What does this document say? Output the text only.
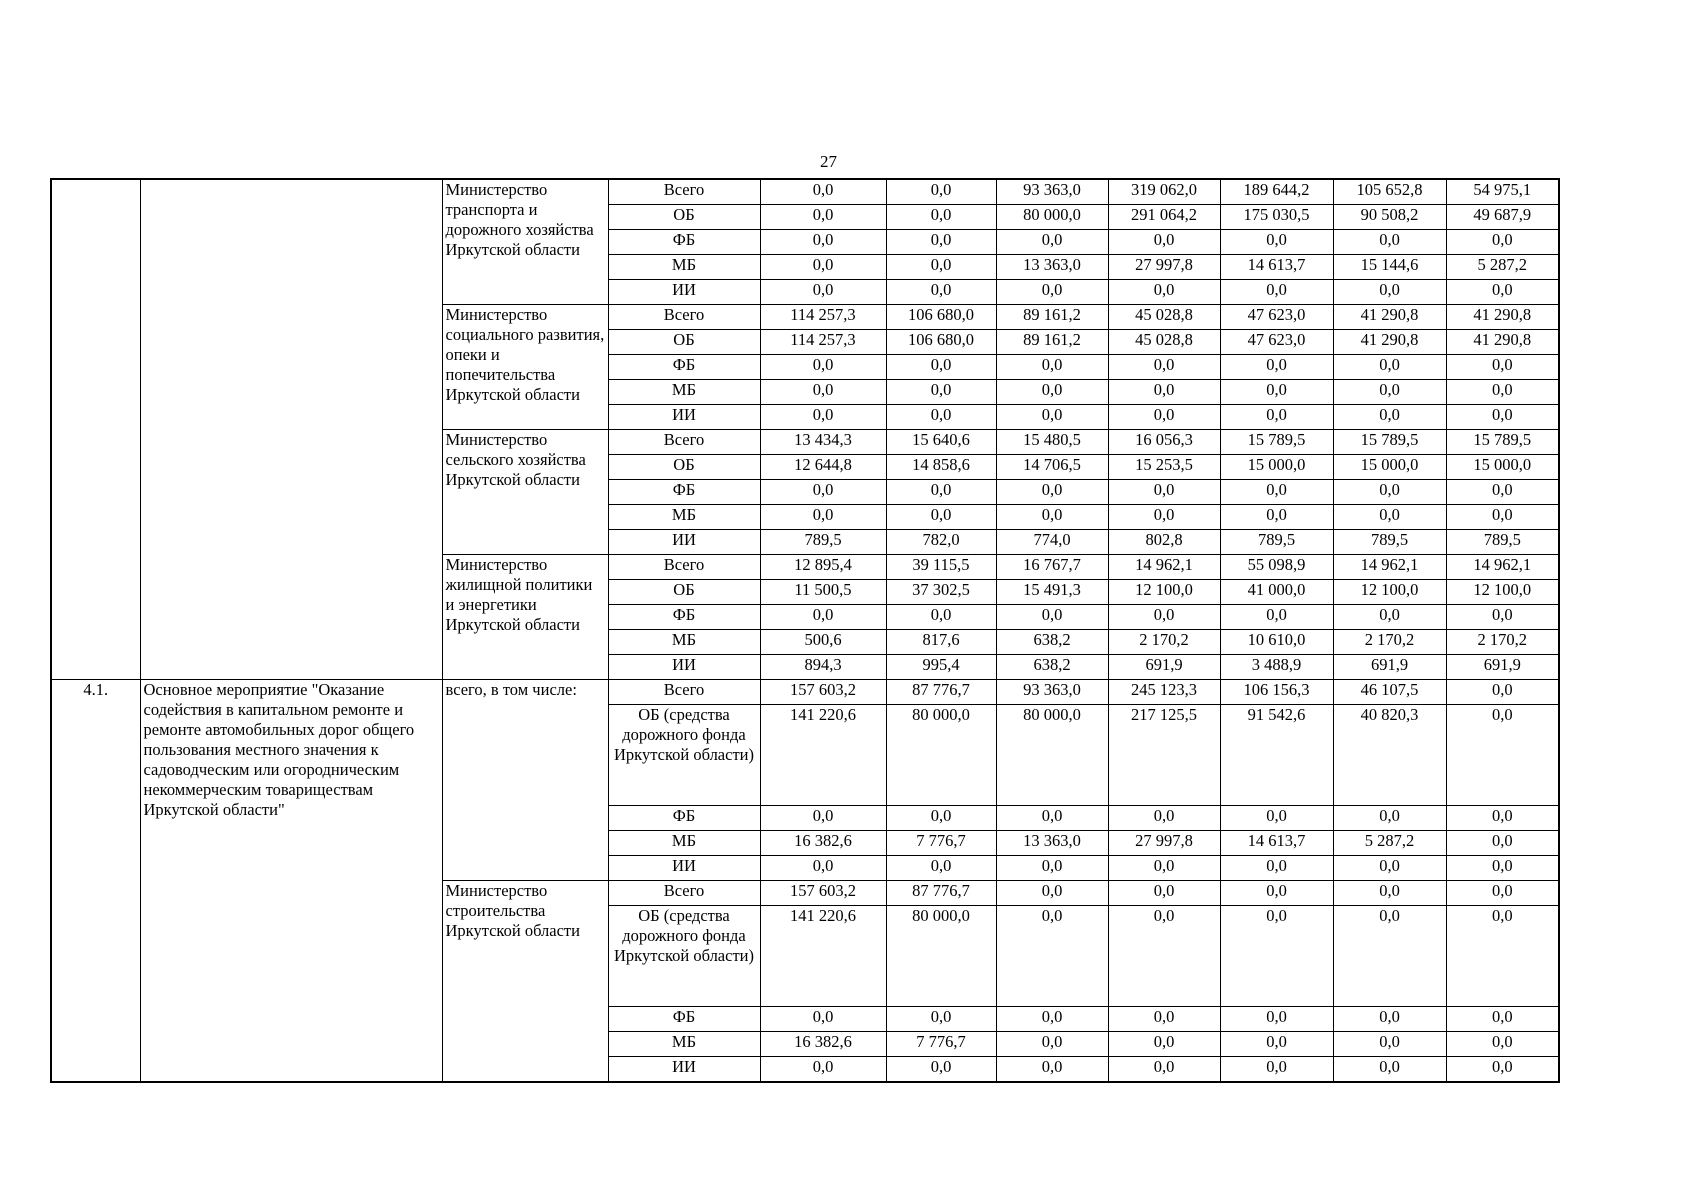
27
		Министерство транспорта и дорожного хозяйства Иркутской области	Всего	0,0	0,0	93 363,0	319 062,0	189 644,2	105 652,8	54 975,1
			ОБ	0,0	0,0	80 000,0	291 064,2	175 030,5	90 508,2	49 687,9
			ФБ	0,0	0,0	0,0	0,0	0,0	0,0	0,0
			МБ	0,0	0,0	13 363,0	27 997,8	14 613,7	15 144,6	5 287,2
			ИИ	0,0	0,0	0,0	0,0	0,0	0,0	0,0
		Министерство социального развития, опеки и попечительства Иркутской области	Всего	114 257,3	106 680,0	89 161,2	45 028,8	47 623,0	41 290,8	41 290,8
			ОБ	114 257,3	106 680,0	89 161,2	45 028,8	47 623,0	41 290,8	41 290,8
			ФБ	0,0	0,0	0,0	0,0	0,0	0,0	0,0
			МБ	0,0	0,0	0,0	0,0	0,0	0,0	0,0
			ИИ	0,0	0,0	0,0	0,0	0,0	0,0	0,0
		Министерство сельского хозяйства Иркутской области	Всего	13 434,3	15 640,6	15 480,5	16 056,3	15 789,5	15 789,5	15 789,5
			ОБ	12 644,8	14 858,6	14 706,5	15 253,5	15 000,0	15 000,0	15 000,0
			ФБ	0,0	0,0	0,0	0,0	0,0	0,0	0,0
			МБ	0,0	0,0	0,0	0,0	0,0	0,0	0,0
			ИИ	789,5	782,0	774,0	802,8	789,5	789,5	789,5
		Министерство жилищной политики и энергетики Иркутской области	Всего	12 895,4	39 115,5	16 767,7	14 962,1	55 098,9	14 962,1	14 962,1
			ОБ	11 500,5	37 302,5	15 491,3	12 100,0	41 000,0	12 100,0	12 100,0
			ФБ	0,0	0,0	0,0	0,0	0,0	0,0	0,0
			МБ	500,6	817,6	638,2	2 170,2	10 610,0	2 170,2	2 170,2
			ИИ	894,3	995,4	638,2	691,9	3 488,9	691,9	691,9
4.1.	Основное мероприятие "Оказание содействия в капитальном ремонте и ремонте автомобильных дорог общего пользования местного значения к садоводческим или огородническим некоммерческим товариществам Иркутской области"	всего, в том числе:	Всего	157 603,2	87 776,7	93 363,0	245 123,3	106 156,3	46 107,5	0,0
			ОБ (средства дорожного фонда Иркутской области)	141 220,6	80 000,0	80 000,0	217 125,5	91 542,6	40 820,3	0,0
			ФБ	0,0	0,0	0,0	0,0	0,0	0,0	0,0
			МБ	16 382,6	7 776,7	13 363,0	27 997,8	14 613,7	5 287,2	0,0
			ИИ	0,0	0,0	0,0	0,0	0,0	0,0	0,0
		Министерство строительства Иркутской области	Всего	157 603,2	87 776,7	0,0	0,0	0,0	0,0	0,0
			ОБ (средства дорожного фонда Иркутской области)	141 220,6	80 000,0	0,0	0,0	0,0	0,0	0,0
			ФБ	0,0	0,0	0,0	0,0	0,0	0,0	0,0
			МБ	16 382,6	7 776,7	0,0	0,0	0,0	0,0	0,0
			ИИ	0,0	0,0	0,0	0,0	0,0	0,0	0,0
